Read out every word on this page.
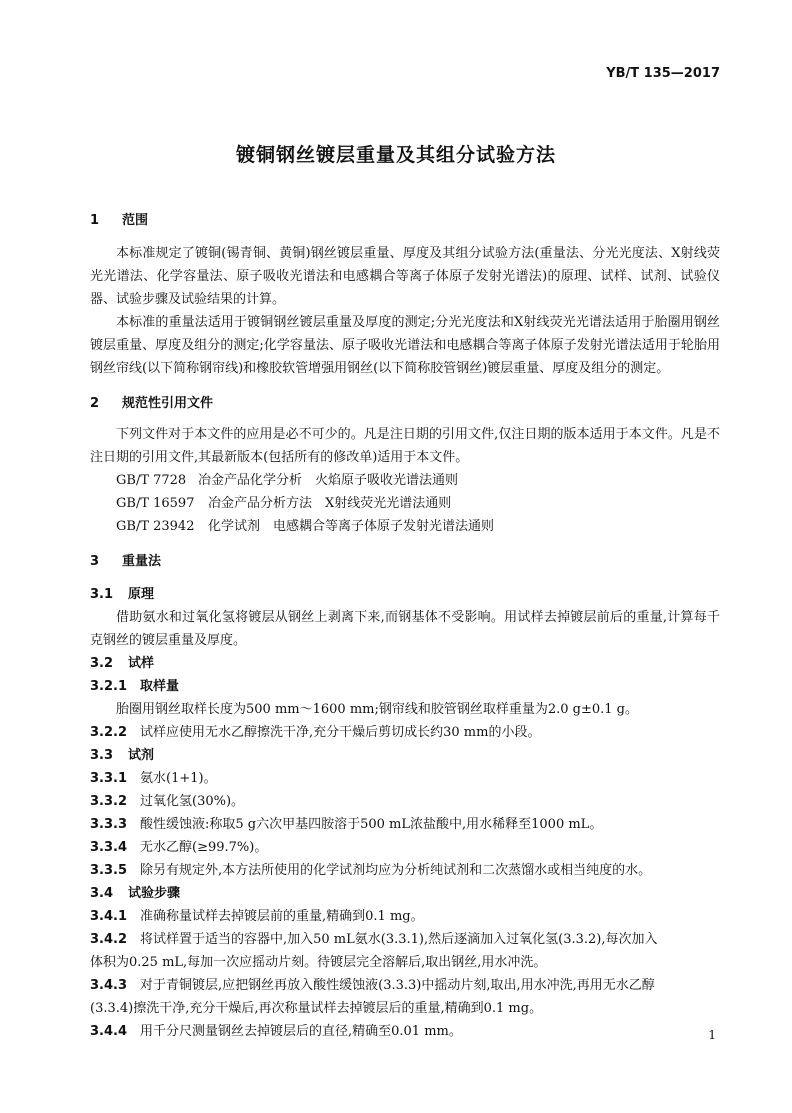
YB/T 135—2017
镀铜钢丝镀层重量及其组分试验方法
1 范围
本标准规定了镀铜(锡青铜、黄铜)钢丝镀层重量、厚度及其组分试验方法(重量法、分光光度法、X射线荧光光谱法、化学容量法、原子吸收光谱法和电感耦合等离子体原子发射光谱法)的原理、试样、试剂、试验仪器、试验步骤及试验结果的计算。
本标准的重量法适用于镀铜钢丝镀层重量及厚度的测定;分光光度法和X射线荧光光谱法适用于胎圈用钢丝镀层重量、厚度及组分的测定;化学容量法、原子吸收光谱法和电感耦合等离子体原子发射光谱法适用于轮胎用钢丝帘线(以下简称钢帘线)和橡胶软管增强用钢丝(以下简称胶管钢丝)镀层重量、厚度及组分的测定。
2 规范性引用文件
下列文件对于本文件的应用是必不可少的。凡是注日期的引用文件,仅注日期的版本适用于本文件。凡是不注日期的引用文件,其最新版本(包括所有的修改单)适用于本文件。
GB/T 7728 冶金产品化学分析　火焰原子吸收光谱法通则
GB/T 16597 冶金产品分析方法　X射线荧光光谱法通则
GB/T 23942 化学试剂　电感耦合等离子体原子发射光谱法通则
3 重量法
3.1 原理
借助氨水和过氧化氢将镀层从钢丝上剥离下来,而钢基体不受影响。用试样去掉镀层前后的重量,计算每千克钢丝的镀层重量及厚度。
3.2 试样
3.2.1 取样量
胎圈用钢丝取样长度为500 mm～1600 mm;钢帘线和胶管钢丝取样重量为2.0 g±0.1 g。
3.2.2 试样应使用无水乙醇擦洗干净,充分干燥后剪切成长约30 mm的小段。
3.3 试剂
3.3.1 氨水(1+1)。
3.3.2 过氧化氢(30%)。
3.3.3 酸性缓蚀液:称取5 g六次甲基四胺溶于500 mL浓盐酸中,用水稀释至1000 mL。
3.3.4 无水乙醇(≥99.7%)。
3.3.5 除另有规定外,本方法所使用的化学试剂均应为分析纯试剂和二次蒸馏水或相当纯度的水。
3.4 试验步骤
3.4.1 准确称量试样去掉镀层前的重量,精确到0.1 mg。
3.4.2 将试样置于适当的容器中,加入50 mL氨水(3.3.1),然后逐滴加入过氧化氢(3.3.2),每次加入
体积为0.25 mL,每加一次应摇动片刻。待镀层完全溶解后,取出钢丝,用水冲洗。
3.4.3 对于青铜镀层,应把钢丝再放入酸性缓蚀液(3.3.3)中摇动片刻,取出,用水冲洗,再用无水乙醇
(3.3.4)擦洗干净,充分干燥后,再次称量试样去掉镀层后的重量,精确到0.1 mg。
3.4.4 用千分尺测量钢丝去掉镀层后的直径,精确至0.01 mm。	1
